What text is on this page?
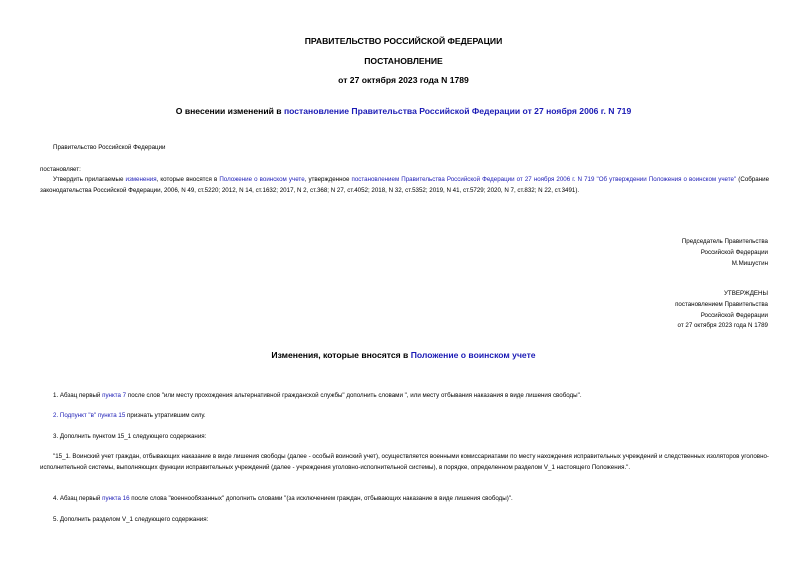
ПРАВИТЕЛЬСТВО РОССИЙСКОЙ ФЕДЕРАЦИИ
ПОСТАНОВЛЕНИЕ
от 27 октября 2023 года N 1789
О внесении изменений в постановление Правительства Российской Федерации от 27 ноября 2006 г. N 719
Правительство Российской Федерации
постановляет:
Утвердить прилагаемые изменения, которые вносятся в Положение о воинском учете, утвержденное постановлением Правительства Российской Федерации от 27 ноября 2006 г. N 719 "Об утверждении Положения о воинском учете" (Собрание законодательства Российской Федерации, 2006, N 49, ст.5220; 2012, N 14, ст.1632; 2017, N 2, ст.368; N 27, ст.4052; 2018, N 32, ст.5352; 2019, N 41, ст.5729; 2020, N 7, ст.832; N 22, ст.3491).
Председатель Правительства
Российской Федерации
М.Мишустин
УТВЕРЖДЕНЫ
постановлением Правительства
Российской Федерации
от 27 октября 2023 года N 1789
Изменения, которые вносятся в Положение о воинском учете
1. Абзац первый пункта 7 после слов "или месту прохождения альтернативной гражданской службы" дополнить словами ", или месту отбывания наказания в виде лишения свободы".
2. Подпункт "в" пункта 15 признать утратившим силу.
3. Дополнить пунктом 15_1 следующего содержания:
"15_1. Воинский учет граждан, отбывающих наказание в виде лишения свободы (далее - особый воинский учет), осуществляется военными комиссариатами по месту нахождения исправительных учреждений и следственных изоляторов уголовно-исполнительной системы, выполняющих функции исправительных учреждений (далее - учреждения уголовно-исполнительной системы), в порядке, определенном разделом V_1 настоящего Положения.".
4. Абзац первый пункта 16 после слова "военнообязанных" дополнить словами "(за исключением граждан, отбывающих наказание в виде лишения свободы)".
5. Дополнить разделом V_1 следующего содержания:
